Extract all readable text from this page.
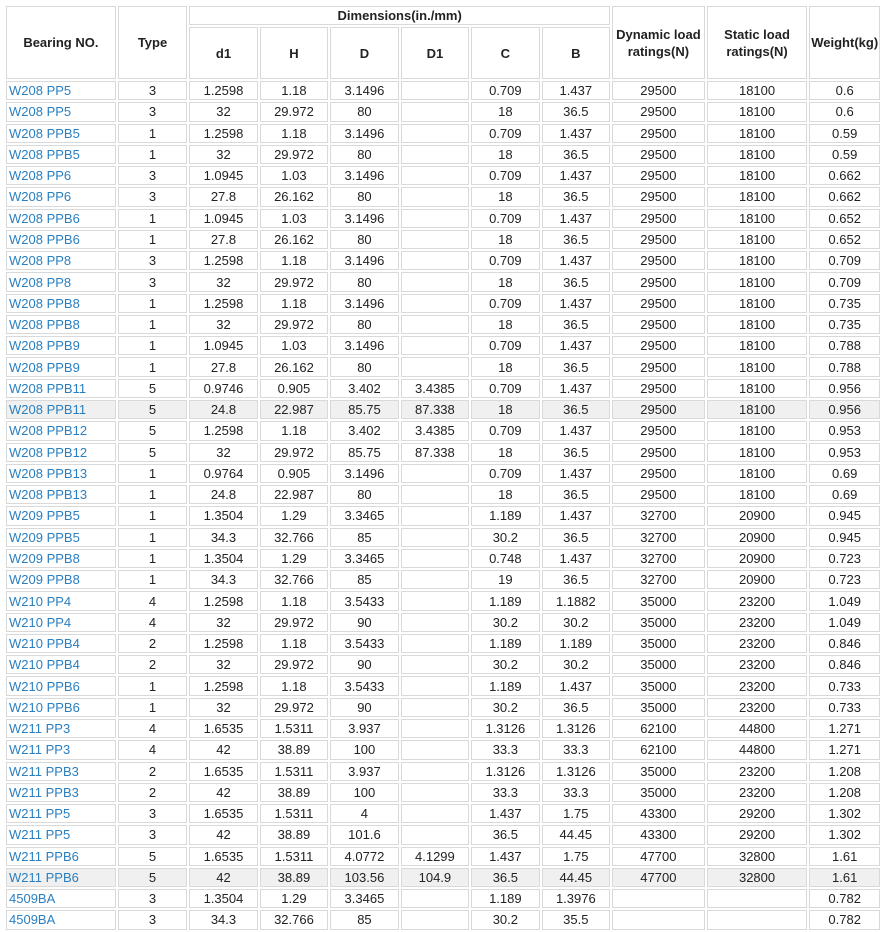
Bearing NO.	Type	Dimensions(in./mm)						Dynamic load ratings(N)	Static load ratings(N)	Weight(kg)
		d1	H	D	D1	C	B			
W208 PP5	3	1.2598	1.18	3.1496		0.709	1.437	29500	18100	0.6
W208 PP5	3	32	29.972	80		18	36.5	29500	18100	0.6
W208 PPB5	1	1.2598	1.18	3.1496		0.709	1.437	29500	18100	0.59
W208 PPB5	1	32	29.972	80		18	36.5	29500	18100	0.59
W208 PP6	3	1.0945	1.03	3.1496		0.709	1.437	29500	18100	0.662
W208 PP6	3	27.8	26.162	80		18	36.5	29500	18100	0.662
W208 PPB6	1	1.0945	1.03	3.1496		0.709	1.437	29500	18100	0.652
W208 PPB6	1	27.8	26.162	80		18	36.5	29500	18100	0.652
W208 PP8	3	1.2598	1.18	3.1496		0.709	1.437	29500	18100	0.709
W208 PP8	3	32	29.972	80		18	36.5	29500	18100	0.709
W208 PPB8	1	1.2598	1.18	3.1496		0.709	1.437	29500	18100	0.735
W208 PPB8	1	32	29.972	80		18	36.5	29500	18100	0.735
W208 PPB9	1	1.0945	1.03	3.1496		0.709	1.437	29500	18100	0.788
W208 PPB9	1	27.8	26.162	80		18	36.5	29500	18100	0.788
W208 PPB11	5	0.9746	0.905	3.402	3.4385	0.709	1.437	29500	18100	0.956
W208 PPB11	5	24.8	22.987	85.75	87.338	18	36.5	29500	18100	0.956
W208 PPB12	5	1.2598	1.18	3.402	3.4385	0.709	1.437	29500	18100	0.953
W208 PPB12	5	32	29.972	85.75	87.338	18	36.5	29500	18100	0.953
W208 PPB13	1	0.9764	0.905	3.1496		0.709	1.437	29500	18100	0.69
W208 PPB13	1	24.8	22.987	80		18	36.5	29500	18100	0.69
W209 PPB5	1	1.3504	1.29	3.3465		1.189	1.437	32700	20900	0.945
W209 PPB5	1	34.3	32.766	85		30.2	36.5	32700	20900	0.945
W209 PPB8	1	1.3504	1.29	3.3465		0.748	1.437	32700	20900	0.723
W209 PPB8	1	34.3	32.766	85		19	36.5	32700	20900	0.723
W210 PP4	4	1.2598	1.18	3.5433		1.189	1.1882	35000	23200	1.049
W210 PP4	4	32	29.972	90		30.2	30.2	35000	23200	1.049
W210 PPB4	2	1.2598	1.18	3.5433		1.189	1.189	35000	23200	0.846
W210 PPB4	2	32	29.972	90		30.2	30.2	35000	23200	0.846
W210 PPB6	1	1.2598	1.18	3.5433		1.189	1.437	35000	23200	0.733
W210 PPB6	1	32	29.972	90		30.2	36.5	35000	23200	0.733
W211 PP3	4	1.6535	1.5311	3.937		1.3126	1.3126	62100	44800	1.271
W211 PP3	4	42	38.89	100		33.3	33.3	62100	44800	1.271
W211 PPB3	2	1.6535	1.5311	3.937		1.3126	1.3126	35000	23200	1.208
W211 PPB3	2	42	38.89	100		33.3	33.3	35000	23200	1.208
W211 PP5	3	1.6535	1.5311	4		1.437	1.75	43300	29200	1.302
W211 PP5	3	42	38.89	101.6		36.5	44.45	43300	29200	1.302
W211 PPB6	5	1.6535	1.5311	4.0772	4.1299	1.437	1.75	47700	32800	1.61
W211 PPB6	5	42	38.89	103.56	104.9	36.5	44.45	47700	32800	1.61
4509BA	3	1.3504	1.29	3.3465		1.189	1.3976			0.782
4509BA	3	34.3	32.766	85		30.2	35.5			0.782
